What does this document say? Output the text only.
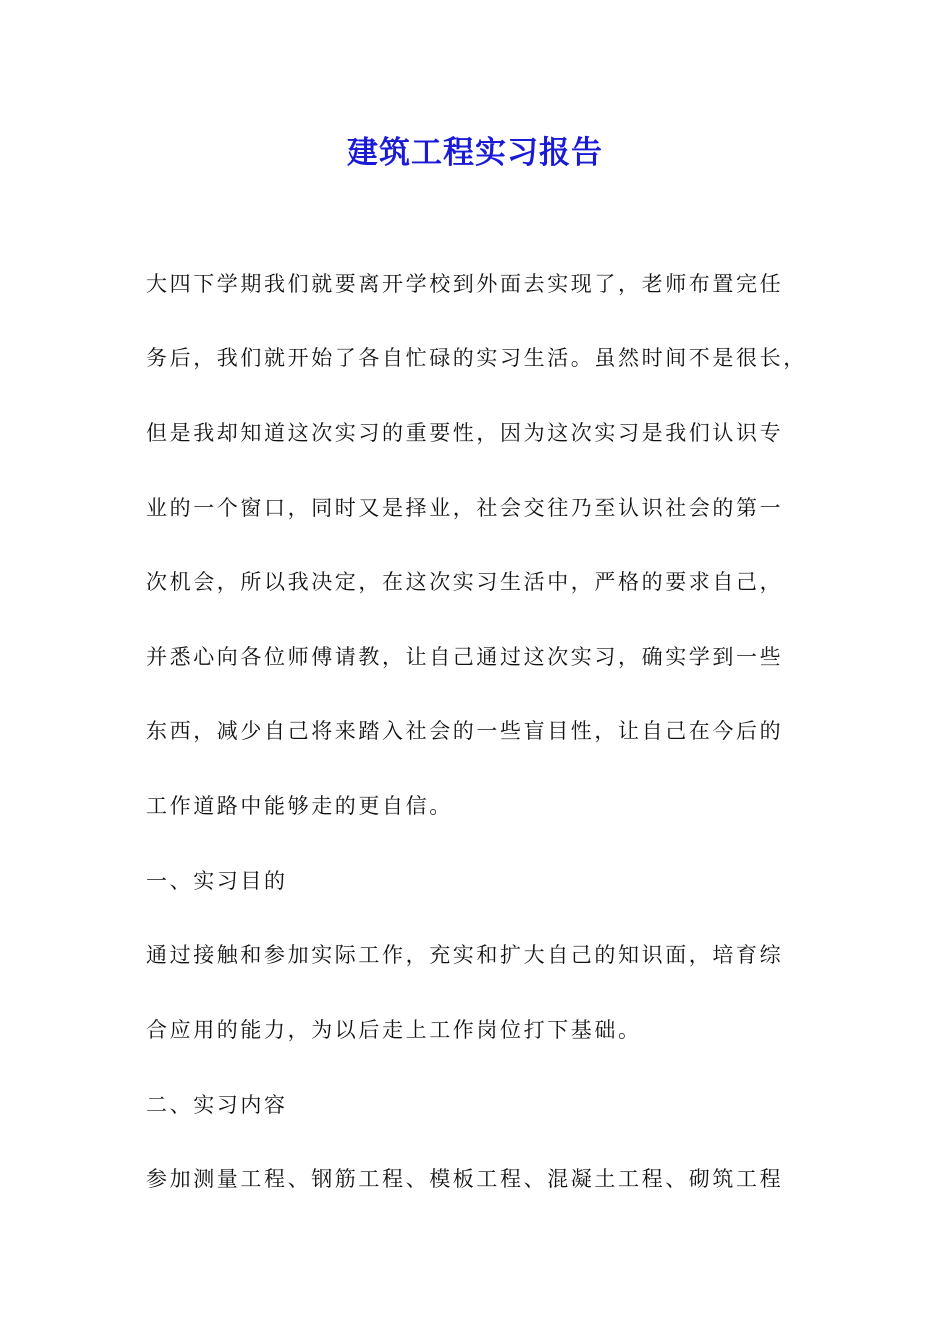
建筑工程实习报告

大四下学期我们就要离开学校到外面去实现了，老师布置完任

务后，我们就开始了各自忙碌的实习生活。虽然时间不是很长，

但是我却知道这次实习的重要性，因为这次实习是我们认识专

业的一个窗口，同时又是择业，社会交往乃至认识社会的第一

次机会，所以我决定，在这次实习生活中，严格的要求自己，

并悉心向各位师傅请教，让自己通过这次实习，确实学到一些

东西，减少自己将来踏入社会的一些盲目性，让自己在今后的

工作道路中能够走的更自信。

一、实习目的

通过接触和参加实际工作，充实和扩大自己的知识面，培育综

合应用的能力，为以后走上工作岗位打下基础。

二、实习内容

参加测量工程、钢筋工程、模板工程、混凝土工程、砌筑工程
